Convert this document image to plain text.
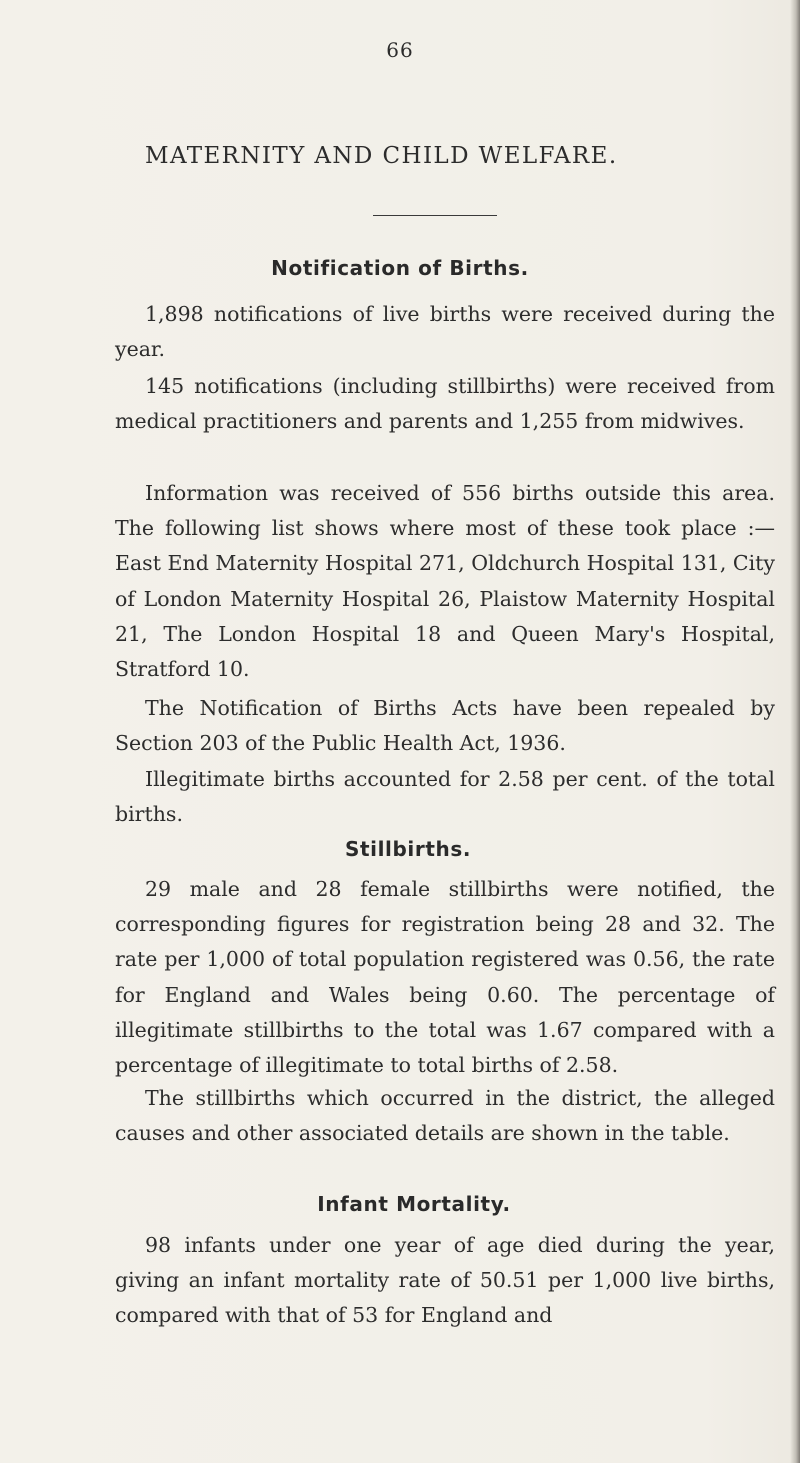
66
MATERNITY AND CHILD WELFARE.
Notification of Births.

1,898 notifications of live births were received during the year.

145 notifications (including stillbirths) were received from medical practitioners and parents and 1,255 from midwives.

Information was received of 556 births outside this area. The following list shows where most of these took place :—East End Maternity Hospital 271, Oldchurch Hospital 131, City of London Maternity Hospital 26, Plaistow Maternity Hospital 21, The London Hospital 18 and Queen Mary's Hospital, Stratford 10.

The Notification of Births Acts have been repealed by Section 203 of the Public Health Act, 1936.

Illegitimate births accounted for 2.58 per cent. of the total births.

Stillbirths.

29 male and 28 female stillbirths were notified, the corresponding figures for registration being 28 and 32. The rate per 1,000 of total population registered was 0.56, the rate for England and Wales being 0.60. The percentage of illegitimate stillbirths to the total was 1.67 compared with a percentage of illegitimate to total births of 2.58.

The stillbirths which occurred in the district, the alleged causes and other associated details are shown in the table.

Infant Mortality.

98 infants under one year of age died during the year, giving an infant mortality rate of 50.51 per 1,000 live births, compared with that of 53 for England and
